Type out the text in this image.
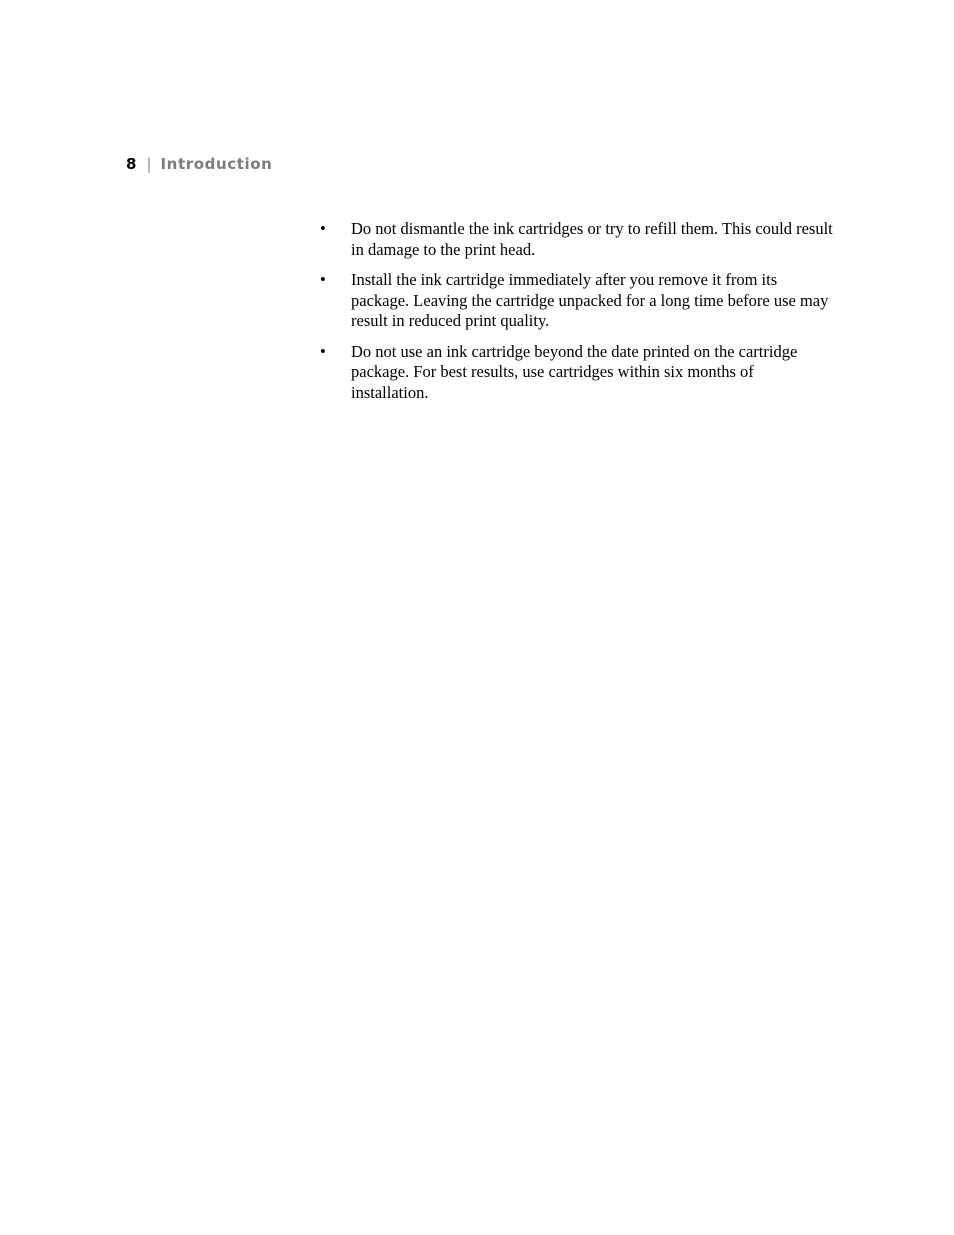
8 | Introduction
• Do not dismantle the ink cartridges or try to refill them. This could result in damage to the print head.
• Install the ink cartridge immediately after you remove it from its package. Leaving the cartridge unpacked for a long time before use may result in reduced print quality.
• Do not use an ink cartridge beyond the date printed on the cartridge package. For best results, use cartridges within six months of installation.
